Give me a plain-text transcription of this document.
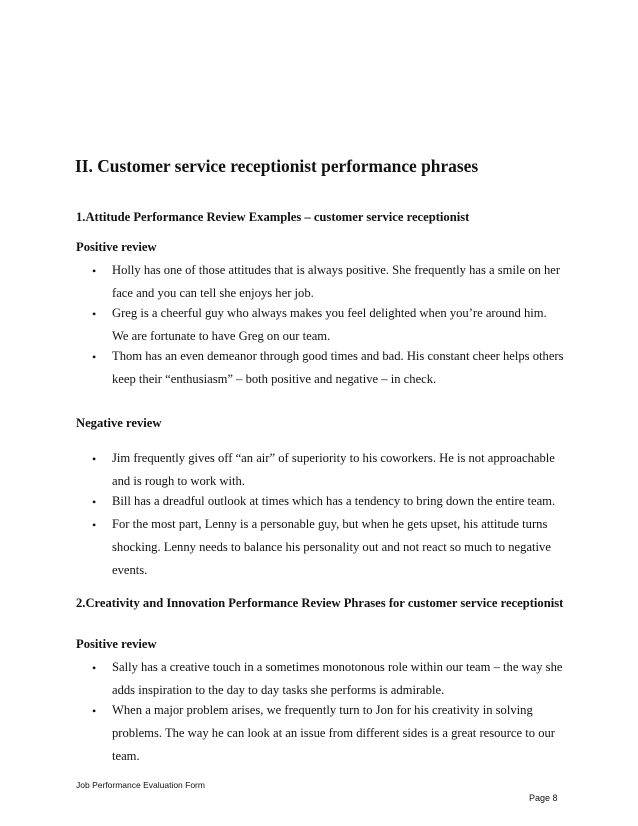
II. Customer service receptionist performance phrases
1.Attitude Performance Review Examples – customer service receptionist
Positive review
• Holly has one of those attitudes that is always positive. She frequently has a smile on her
face and you can tell she enjoys her job.
• Greg is a cheerful guy who always makes you feel delighted when you’re around him.
We are fortunate to have Greg on our team.
• Thom has an even demeanor through good times and bad. His constant cheer helps others
keep their “enthusiasm” – both positive and negative – in check.
Negative review
• Jim frequently gives off “an air” of superiority to his coworkers. He is not approachable
and is rough to work with.
• Bill has a dreadful outlook at times which has a tendency to bring down the entire team.
• For the most part, Lenny is a personable guy, but when he gets upset, his attitude turns
shocking. Lenny needs to balance his personality out and not react so much to negative
events.
2.Creativity and Innovation Performance Review Phrases for customer service receptionist
Positive review
• Sally has a creative touch in a sometimes monotonous role within our team – the way she
adds inspiration to the day to day tasks she performs is admirable.
• When a major problem arises, we frequently turn to Jon for his creativity in solving
problems. The way he can look at an issue from different sides is a great resource to our
team.
Job Performance Evaluation Form
Page 8
